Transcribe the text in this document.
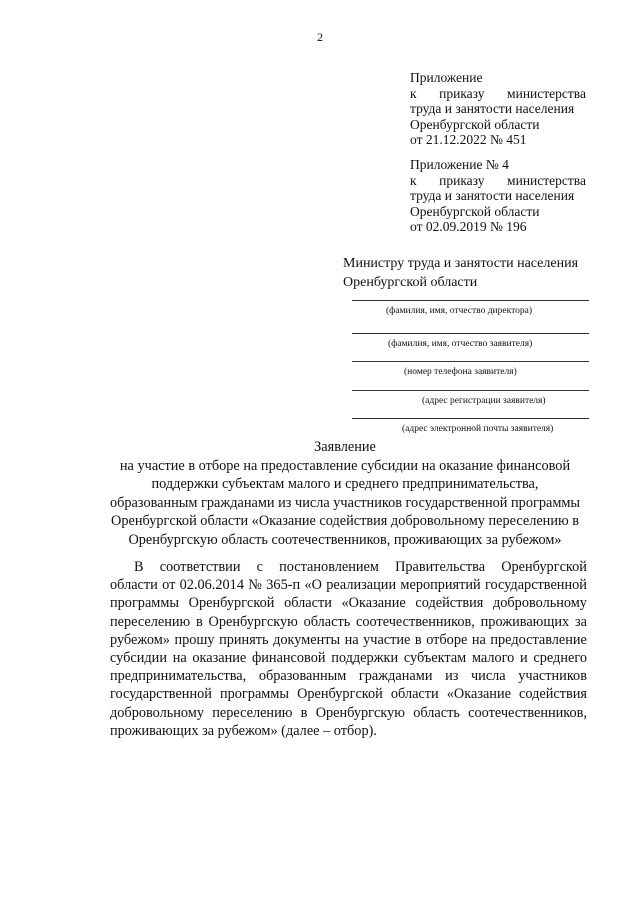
2
Приложение
к приказу министерства
труда и занятости населения
Оренбургской области
от 21.12.2022 № 451
Приложение № 4
к приказу министерства
труда и занятости населения
Оренбургской области
от 02.09.2019 № 196
Министру труда и занятости населения
Оренбургской области
(фамилия, имя, отчество директора)
(фамилия, имя, отчество заявителя)
(номер телефона заявителя)
(адрес регистрации заявителя)
(адрес электронной почты заявителя)
Заявление
на участие в отборе на предоставление субсидии на оказание финансовой
поддержки субъектам малого и среднего предпринимательства,
образованным гражданами из числа участников государственной программы
Оренбургской области «Оказание содействия добровольному переселению в
Оренбургскую область соотечественников, проживающих за рубежом»
В соответствии с постановлением Правительства Оренбургской
области от 02.06.2014 № 365-п «О реализации мероприятий государственной
программы Оренбургской области «Оказание содействия добровольному
переселению в Оренбургскую область соотечественников, проживающих за
рубежом» прошу принять документы на участие в отборе на предоставление
субсидии на оказание финансовой поддержки субъектам малого и среднего
предпринимательства, образованным гражданами из числа участников
государственной программы Оренбургской области «Оказание содействия
добровольному переселению в Оренбургскую область соотечественников,
проживающих за рубежом» (далее – отбор).
